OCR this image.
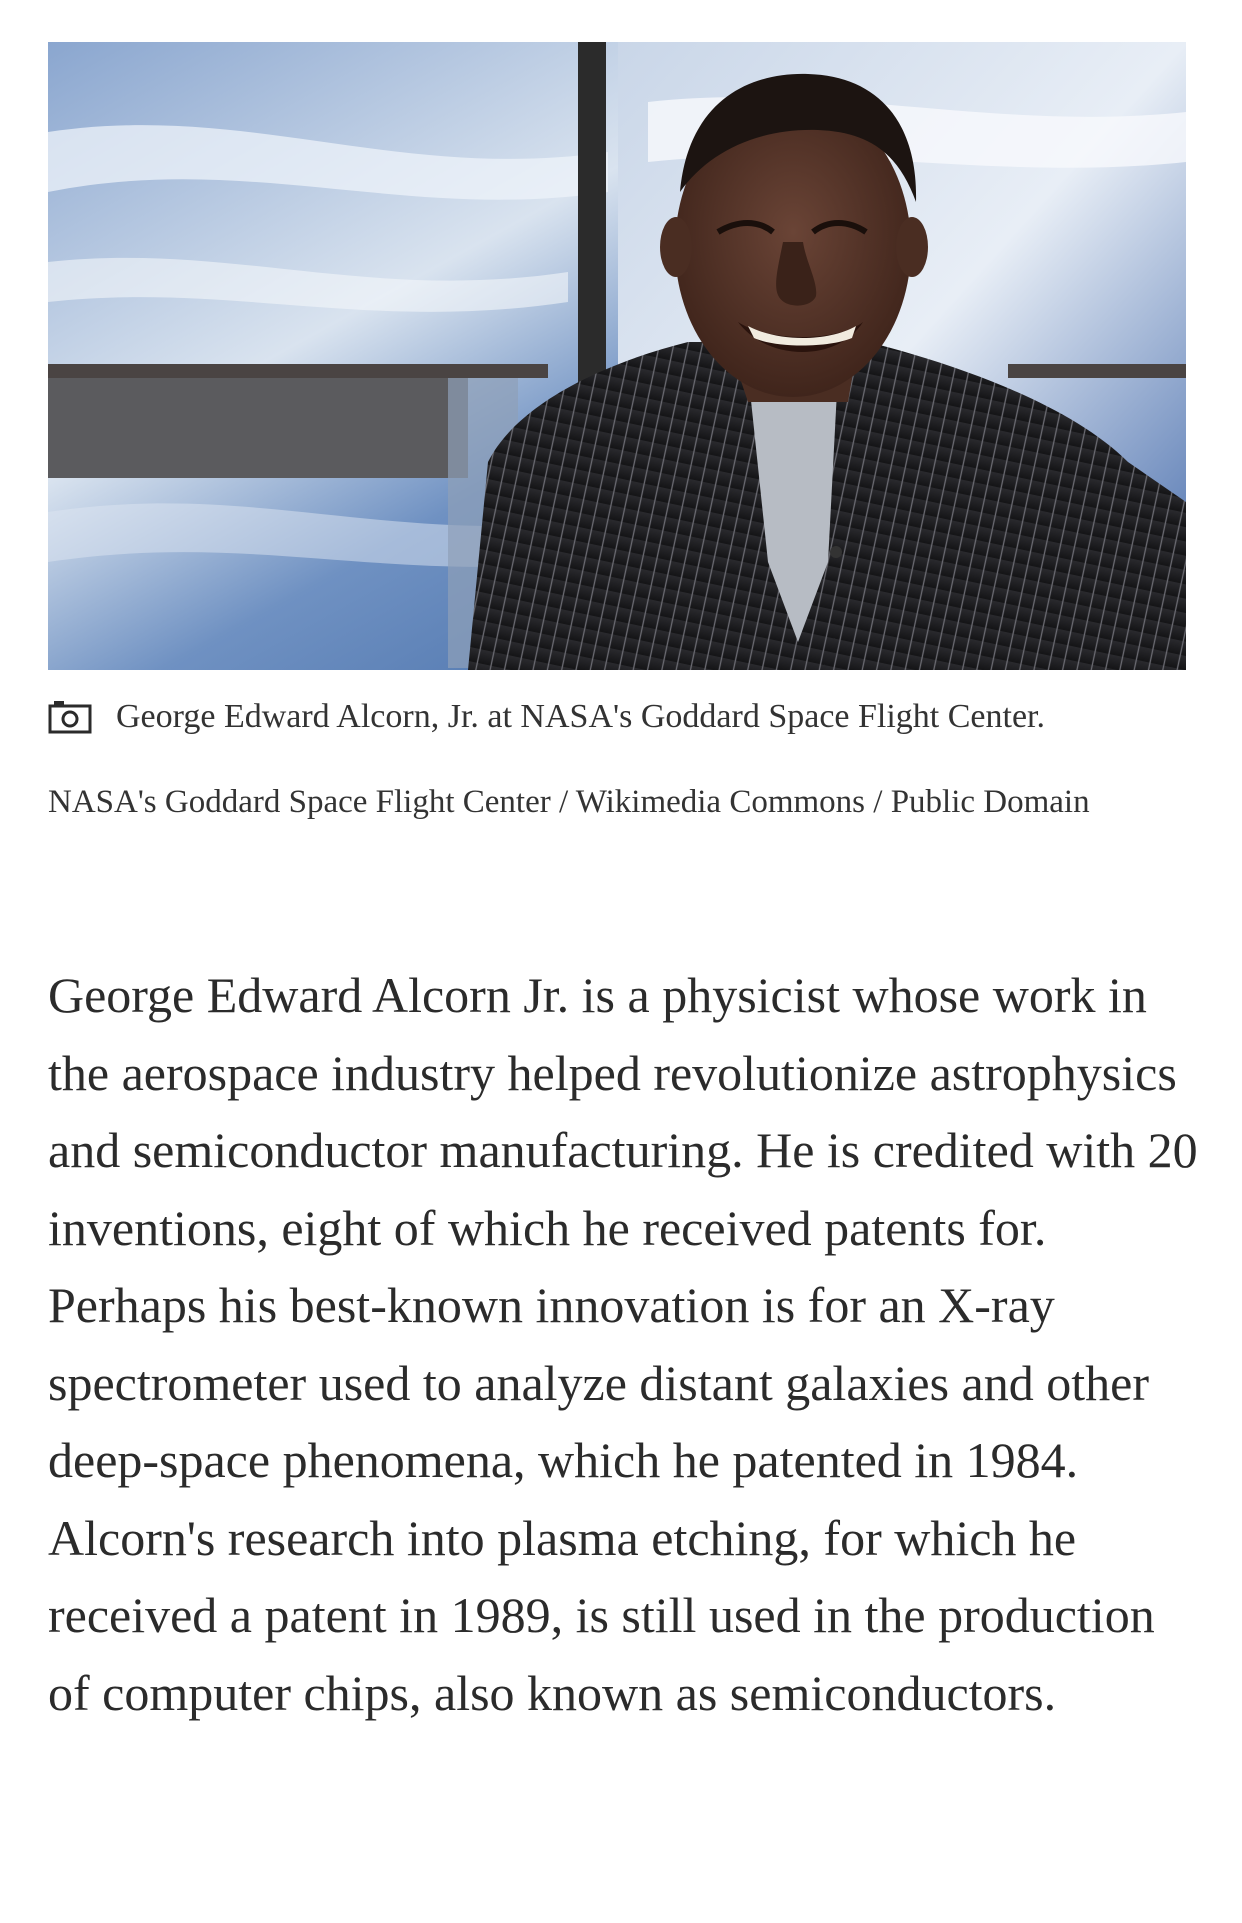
George Edward Alcorn, Jr. at NASA's Goddard Space Flight Center.
NASA's Goddard Space Flight Center / Wikimedia Commons / Public Domain

George Edward Alcorn Jr. is a physicist whose work in the aerospace industry helped revolutionize astrophysics and semiconductor manufacturing. He is credited with 20 inventions, eight of which he received patents for. Perhaps his best-known innovation is for an X-ray spectrometer used to analyze distant galaxies and other deep-space phenomena, which he patented in 1984. Alcorn's research into plasma etching, for which he received a patent in 1989, is still used in the production of computer chips, also known as semiconductors.
